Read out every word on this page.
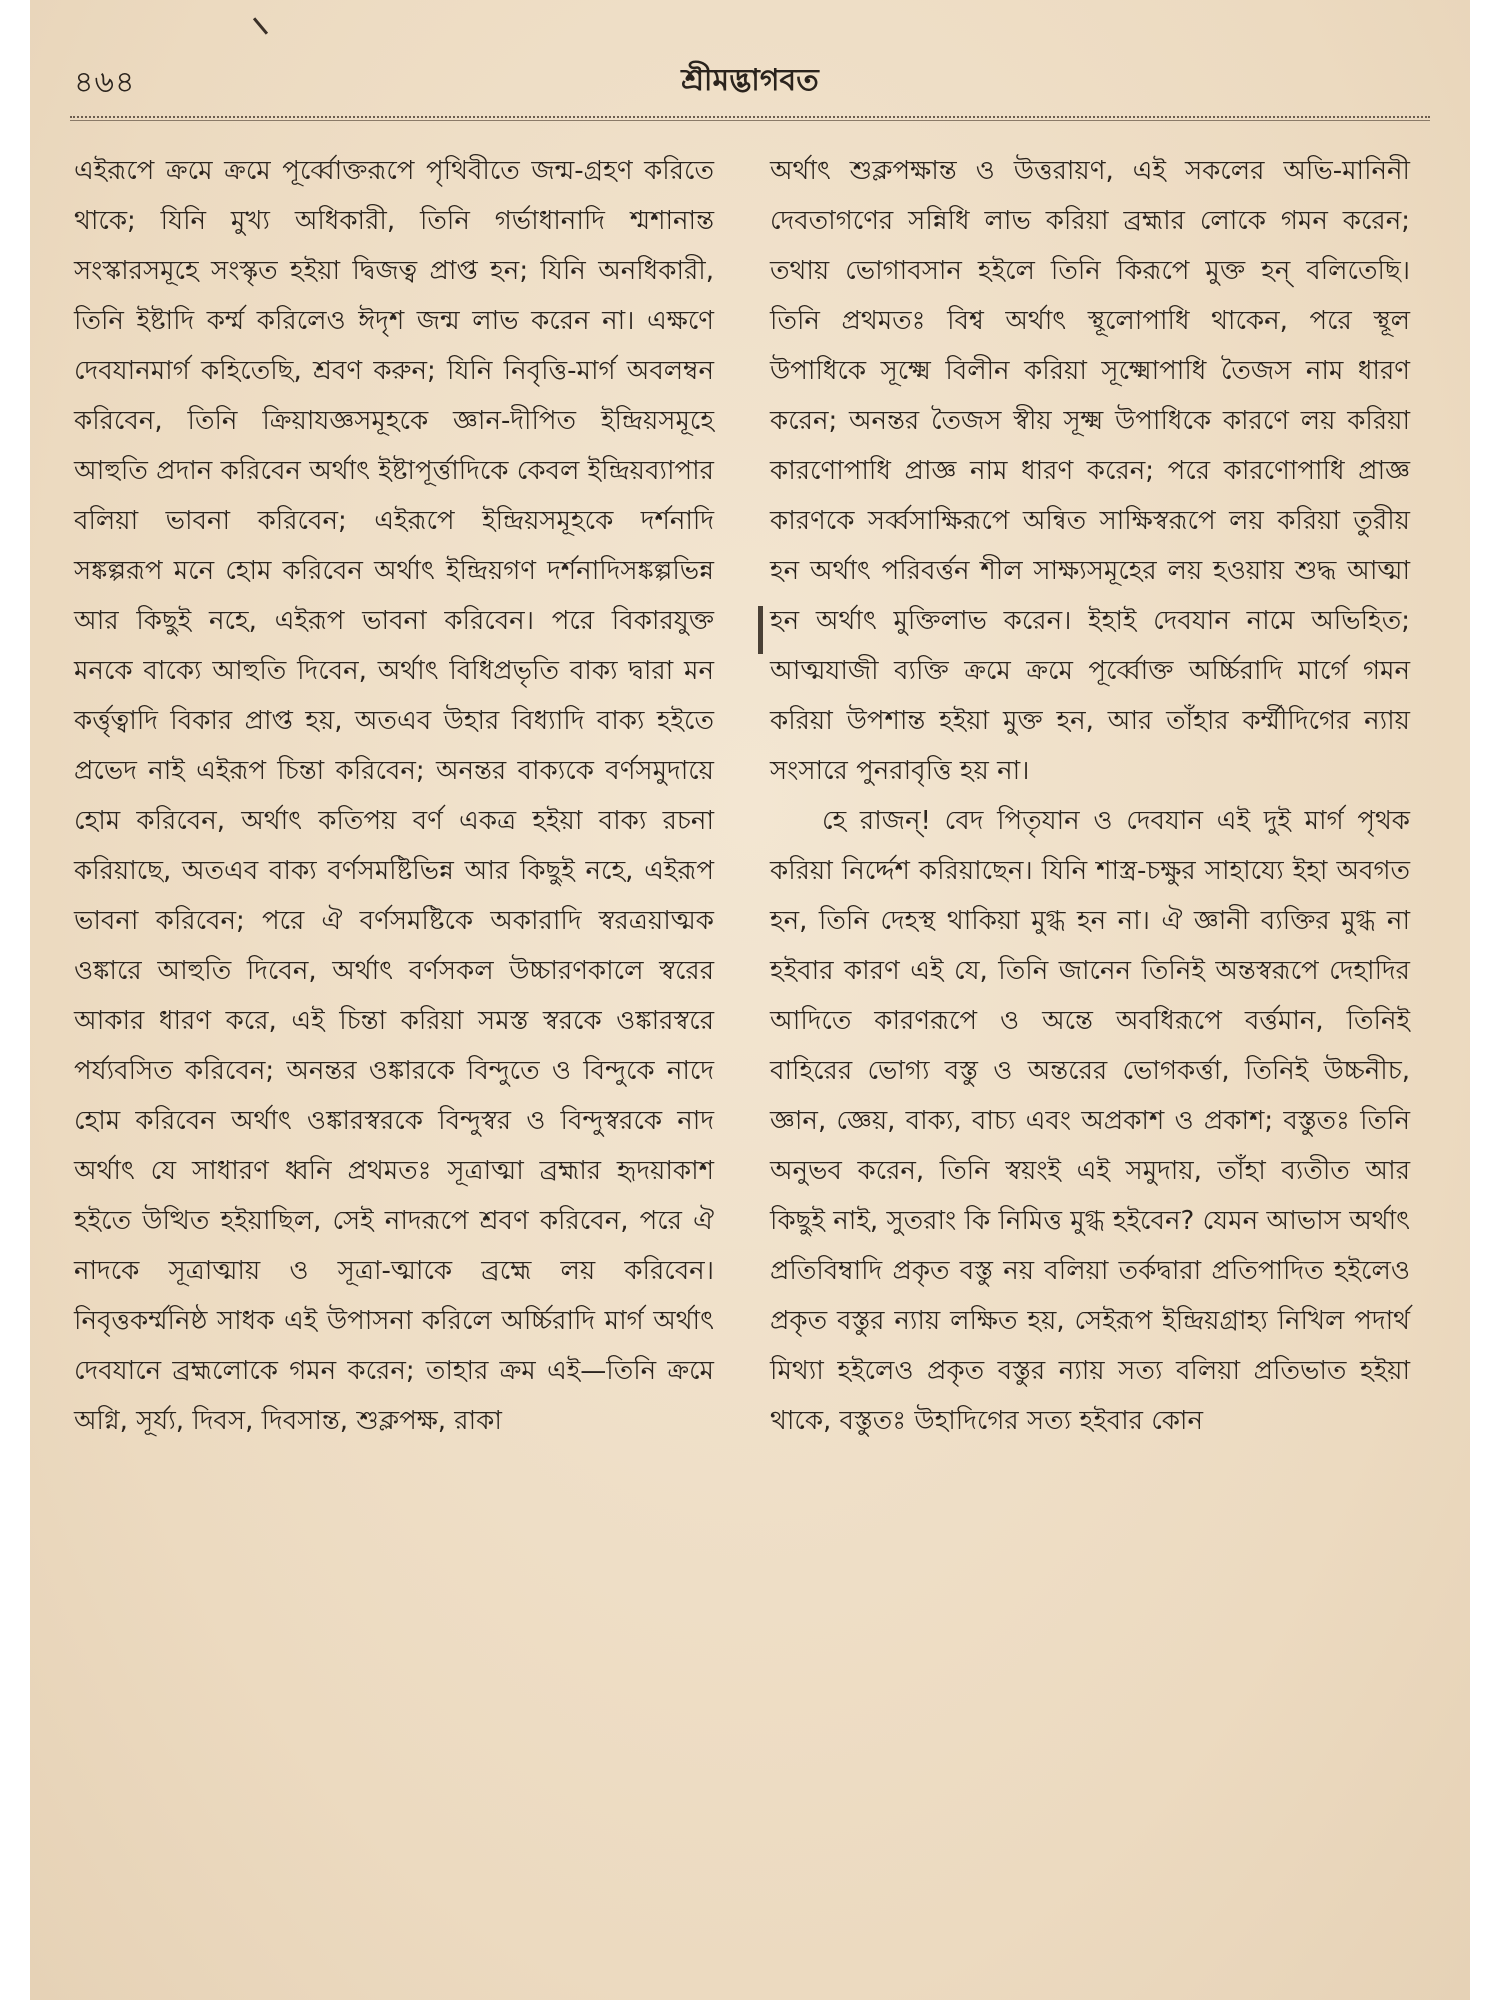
৪৬৪	শ্রীমদ্ভাগবত

এইরূপে ক্রমে ক্রমে পূর্ব্বোক্তরূপে পৃথিবীতে জন্ম-গ্রহণ করিতে থাকে; যিনি মুখ্য অধিকারী, তিনি গর্ভাধানাদি শ্মশানান্ত সংস্কারসমূহে সংস্কৃত হইয়া দ্বিজত্ব প্রাপ্ত হন; যিনি অনধিকারী, তিনি ইষ্টাদি কর্ম্ম করিলেও ঈদৃশ জন্ম লাভ করেন না। এক্ষণে দেবযানমার্গ কহিতেছি, শ্রবণ করুন; যিনি নিবৃত্তি-মার্গ অবলম্বন করিবেন, তিনি ক্রিয়াযজ্ঞসমূহকে জ্ঞান-দীপিত ইন্দ্রিয়সমূহে আহুতি প্রদান করিবেন অর্থাৎ ইষ্টাপূর্ত্তাদিকে কেবল ইন্দ্রিয়ব্যাপার বলিয়া ভাবনা করিবেন; এইরূপে ইন্দ্রিয়সমূহকে দর্শনাদি সঙ্কল্পরূপ মনে হোম করিবেন অর্থাৎ ইন্দ্রিয়গণ দর্শনাদিসঙ্কল্পভিন্ন আর কিছুই নহে, এইরূপ ভাবনা করিবেন। পরে বিকারযুক্ত মনকে বাক্যে আহুতি দিবেন, অর্থাৎ বিধিপ্রভৃতি বাক্য দ্বারা মন কর্ত্তৃত্বাদি বিকার প্রাপ্ত হয়, অতএব উহার বিধ্যাদি বাক্য হইতে প্রভেদ নাই এইরূপ চিন্তা করিবেন; অনন্তর বাক্যকে বর্ণসমুদায়ে হোম করিবেন, অর্থাৎ কতিপয় বর্ণ একত্র হইয়া বাক্য রচনা করিয়াছে, অতএব বাক্য বর্ণসমষ্টিভিন্ন আর কিছুই নহে, এইরূপ ভাবনা করিবেন; পরে ঐ বর্ণসমষ্টিকে অকারাদি স্বরত্রয়াত্মক ওঙ্কারে আহুতি দিবেন, অর্থাৎ বর্ণসকল উচ্চারণকালে স্বরের আকার ধারণ করে, এই চিন্তা করিয়া সমস্ত স্বরকে ওঙ্কারস্বরে পর্য্যবসিত করিবেন; অনন্তর ওঙ্কারকে বিন্দুতে ও বিন্দুকে নাদে হোম করিবেন অর্থাৎ ওঙ্কারস্বরকে বিন্দুস্বর ও বিন্দুস্বরকে নাদ অর্থাৎ যে সাধারণ ধ্বনি প্রথমতঃ সূত্রাত্মা ব্রহ্মার হৃদয়াকাশ হইতে উত্থিত হইয়াছিল, সেই নাদরূপে শ্রবণ করিবেন, পরে ঐ নাদকে সূত্রাত্মায় ও সূত্রা-ত্মাকে ব্রহ্মে লয় করিবেন। নিবৃত্তকর্ম্মনিষ্ঠ সাধক এই উপাসনা করিলে অর্চ্চিরাদি মার্গ অর্থাৎ দেবযানে ব্রহ্মলোকে গমন করেন; তাহার ক্রম এই—তিনি ক্রমে অগ্নি, সূর্য্য, দিবস, দিবসান্ত, শুক্লপক্ষ, রাকা

অর্থাৎ শুক্লপক্ষান্ত ও উত্তরায়ণ, এই সকলের অভি-মানিনী দেবতাগণের সন্নিধি লাভ করিয়া ব্রহ্মার লোকে গমন করেন; তথায় ভোগাবসান হইলে তিনি কিরূপে মুক্ত হন্ বলিতেছি। তিনি প্রথমতঃ বিশ্ব অর্থাৎ স্থূলোপাধি থাকেন, পরে স্থূল উপাধিকে সূক্ষ্মে বিলীন করিয়া সূক্ষ্মোপাধি তৈজস নাম ধারণ করেন; অনন্তর তৈজস স্বীয় সূক্ষ্ম উপাধিকে কারণে লয় করিয়া কারণোপাধি প্রাজ্ঞ নাম ধারণ করেন; পরে কারণোপাধি প্রাজ্ঞ কারণকে সর্ব্বসাক্ষিরূপে অন্বিত সাক্ষিস্বরূপে লয় করিয়া তুরীয় হন অর্থাৎ পরিবর্ত্তন শীল সাক্ষ্যসমূহের লয় হওয়ায় শুদ্ধ আত্মা হন অর্থাৎ মুক্তিলাভ করেন। ইহাই দেবযান নামে অভিহিত; আত্মযাজী ব্যক্তি ক্রমে ক্রমে পূর্ব্বোক্ত অর্চ্চিরাদি মার্গে গমন করিয়া উপশান্ত হইয়া মুক্ত হন, আর তাঁহার কর্ম্মীদিগের ন্যায় সংসারে পুনরাবৃত্তি হয় না।

হে রাজন্! বেদ পিতৃযান ও দেবযান এই দুই মার্গ পৃথক করিয়া নির্দ্দেশ করিয়াছেন। যিনি শাস্ত্র-চক্ষুর সাহায্যে ইহা অবগত হন, তিনি দেহস্থ থাকিয়া মুগ্ধ হন না। ঐ জ্ঞানী ব্যক্তির মুগ্ধ না হইবার কারণ এই যে, তিনি জানেন তিনিই অন্তস্বরূপে দেহাদির আদিতে কারণরূপে ও অন্তে অবধিরূপে বর্ত্তমান, তিনিই বাহিরের ভোগ্য বস্তু ও অন্তরের ভোগকর্ত্তা, তিনিই উচ্চনীচ, জ্ঞান, জ্ঞেয়, বাক্য, বাচ্য এবং অপ্রকাশ ও প্রকাশ; বস্তুতঃ তিনি অনুভব করেন, তিনি স্বয়ংই এই সমুদায়, তাঁহা ব্যতীত আর কিছুই নাই, সুতরাং কি নিমিত্ত মুগ্ধ হইবেন? যেমন আভাস অর্থাৎ প্রতিবিম্বাদি প্রকৃত বস্তু নয় বলিয়া তর্কদ্বারা প্রতিপাদিত হইলেও প্রকৃত বস্তুর ন্যায় লক্ষিত হয়, সেইরূপ ইন্দ্রিয়গ্রাহ্য নিখিল পদার্থ মিথ্যা হইলেও প্রকৃত বস্তুর ন্যায় সত্য বলিয়া প্রতিভাত হইয়া থাকে, বস্তুতঃ উহাদিগের সত্য হইবার কোন
